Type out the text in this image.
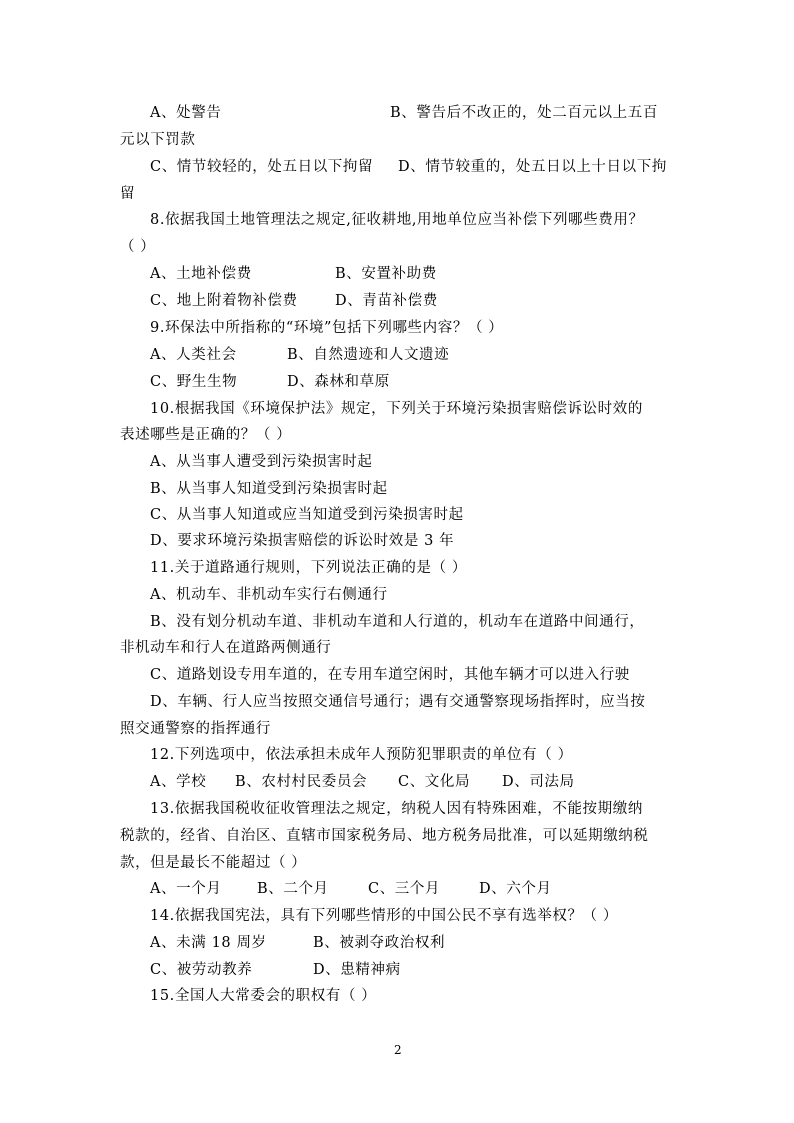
A、处警告	B、警告后不改正的，处二百元以上五百
元以下罚款
C、情节较轻的，处五日以下拘留 D、情节较重的，处五日以上十日以下拘
留
8.依据我国土地管理法之规定,征收耕地,用地单位应当补偿下列哪些费用？
（ ）
A、土地补偿费	B、安置补助费
C、地上附着物补偿费	D、青苗补偿费
9.环保法中所指称的“环境”包括下列哪些内容？（ ）
A、人类社会	B、自然遗迹和人文遗迹
C、野生生物	D、森林和草原
10.根据我国《环境保护法》规定，下列关于环境污染损害赔偿诉讼时效的
表述哪些是正确的？（ ）
A、从当事人遭受到污染损害时起
B、从当事人知道受到污染损害时起
C、从当事人知道或应当知道受到污染损害时起
D、要求环境污染损害赔偿的诉讼时效是 3 年
11.关于道路通行规则，下列说法正确的是（ ）
A、机动车、非机动车实行右侧通行
B、没有划分机动车道、非机动车道和人行道的，机动车在道路中间通行，
非机动车和行人在道路两侧通行
C、道路划设专用车道的，在专用车道空闲时，其他车辆才可以进入行驶
D、车辆、行人应当按照交通信号通行；遇有交通警察现场指挥时，应当按
照交通警察的指挥通行
12.下列选项中，依法承担未成年人预防犯罪职责的单位有（ ）
A、学校 B、农村村民委员会 C、文化局 D、司法局
13.依据我国税收征收管理法之规定，纳税人因有特殊困难，不能按期缴纳
税款的，经省、自治区、直辖市国家税务局、地方税务局批准，可以延期缴纳税
款，但是最长不能超过（ ）
A、一个月 B、二个月	C、三个月	D、六个月
14.依据我国宪法，具有下列哪些情形的中国公民不享有选举权？（ ）
A、未满 18 周岁	B、被剥夺政治权利
C、被劳动教养	D、患精神病
15.全国人大常委会的职权有（ ）
2
